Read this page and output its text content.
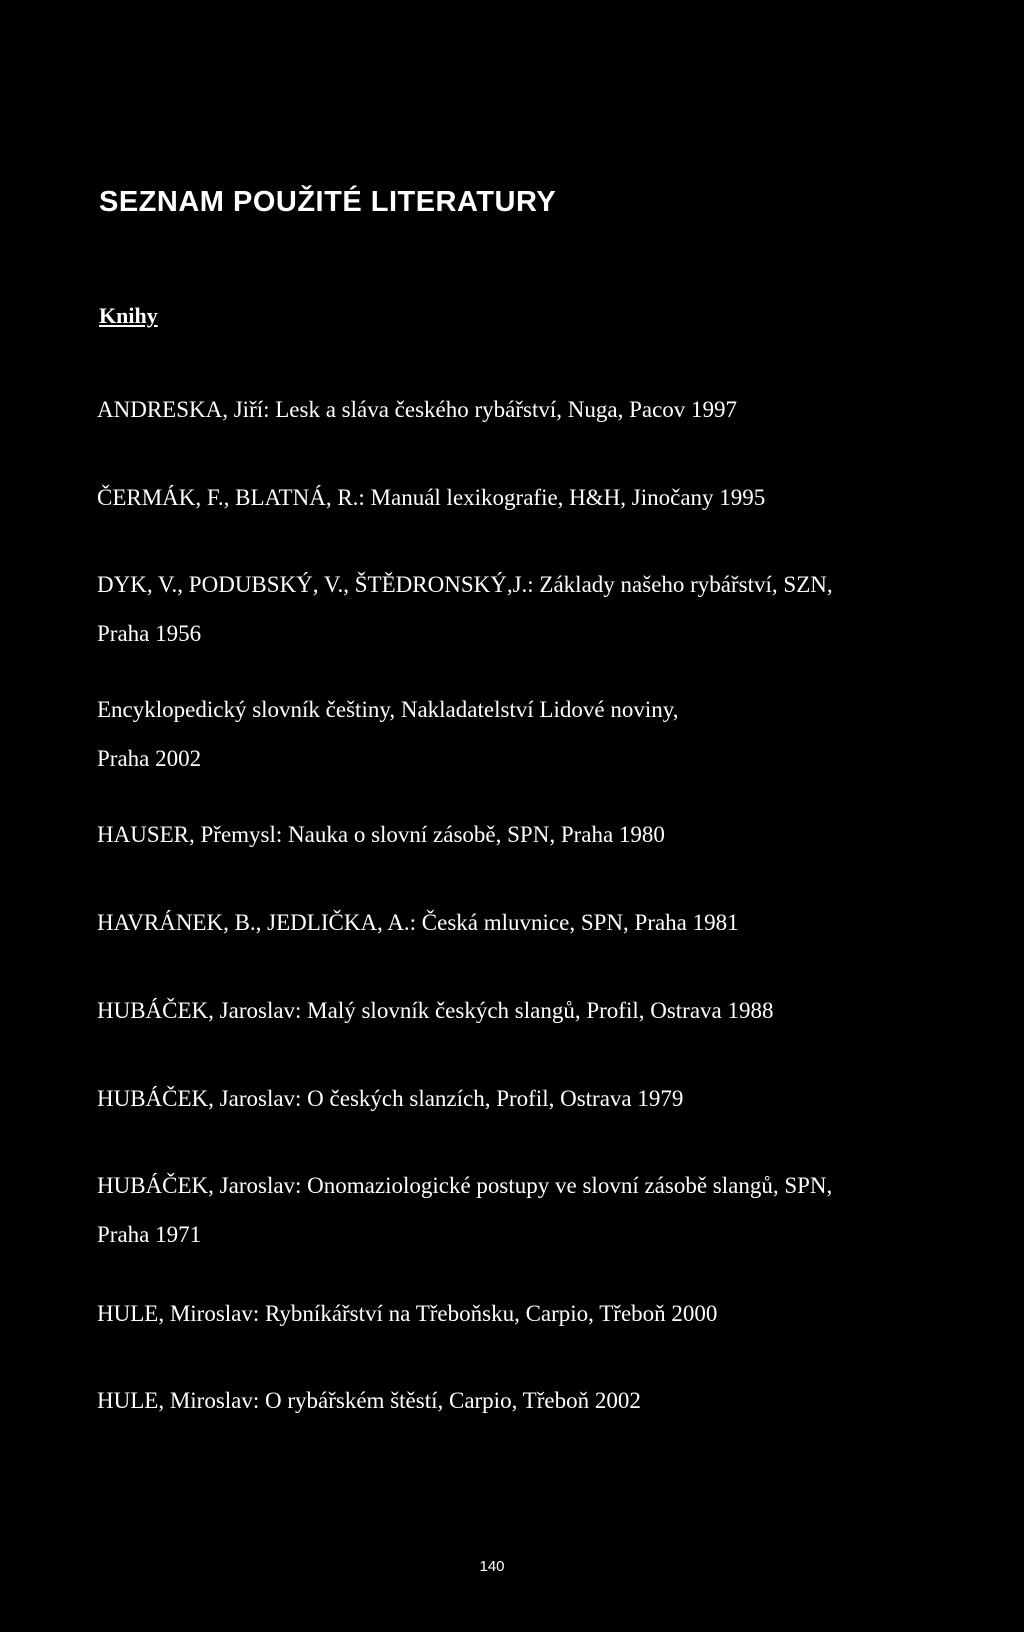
SEZNAM POUŽITÉ LITERATURY
Knihy
ANDRESKA, Jiří: Lesk a sláva českého rybářství, Nuga, Pacov 1997
ČERMÁK, F., BLATNÁ, R.: Manuál lexikografie, H&H, Jinočany 1995
DYK, V., PODUBSKÝ, V., ŠTĚDRONSKÝ,J.: Základy našeho rybářství, SZN,
Praha 1956
Encyklopedický slovník češtiny, Nakladatelství Lidové noviny,
Praha 2002
HAUSER, Přemysl: Nauka o slovní zásobě, SPN, Praha 1980
HAVRÁNEK, B., JEDLIČKA, A.: Česká mluvnice, SPN, Praha 1981
HUBÁČEK, Jaroslav: Malý slovník českých slangů, Profil, Ostrava 1988
HUBÁČEK, Jaroslav: O českých slanzích, Profil, Ostrava 1979
HUBÁČEK, Jaroslav: Onomaziologické postupy ve slovní zásobě slangů, SPN,
Praha 1971
HULE, Miroslav: Rybníkářství na Třeboňsku, Carpio, Třeboň 2000
HULE, Miroslav: O rybářském štěstí, Carpio, Třeboň 2002
140
